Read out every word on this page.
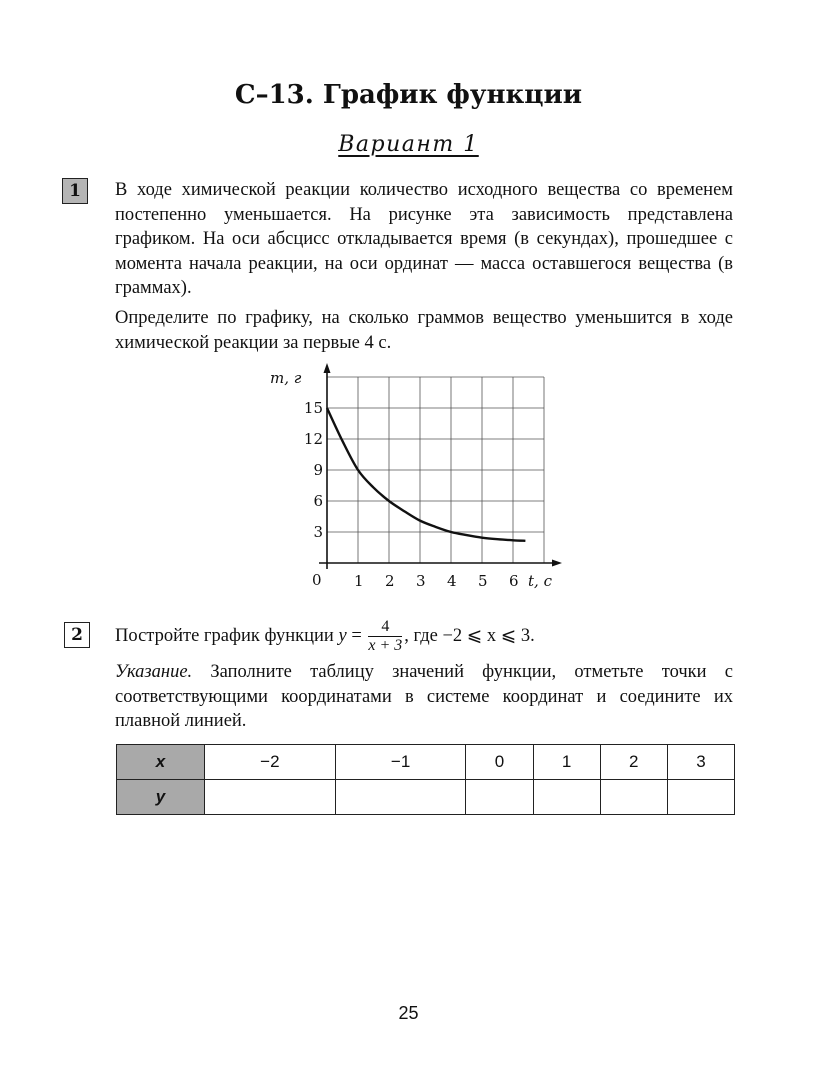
С–13. График функции
Вариант 1
1	В ходе химической реакции количество исходного вещества со временем постепенно уменьшается. На рисунке эта зависимость представлена графиком. На оси абсцисс откладывается время (в секундах), прошедшее с момента начала реакции, на оси ординат — масса оставшегося вещества (в граммах).
Определите по графику, на сколько граммов вещество уменьшится в ходе химической реакции за первые 4 с.
1 2 3 4 5 6
3
6
9
12
15
m, г
t, с
0
2	Постройте график функции $y = \frac{4}{x + 3}$ , где −2 ⩽ x ⩽ 3.
Указание. Заполните таблицу значений функции, отметьте точки с соответствующими координатами в системе координат и соедините их плавной линией.
x	−2	−1	0	1	2	3
y						
25
